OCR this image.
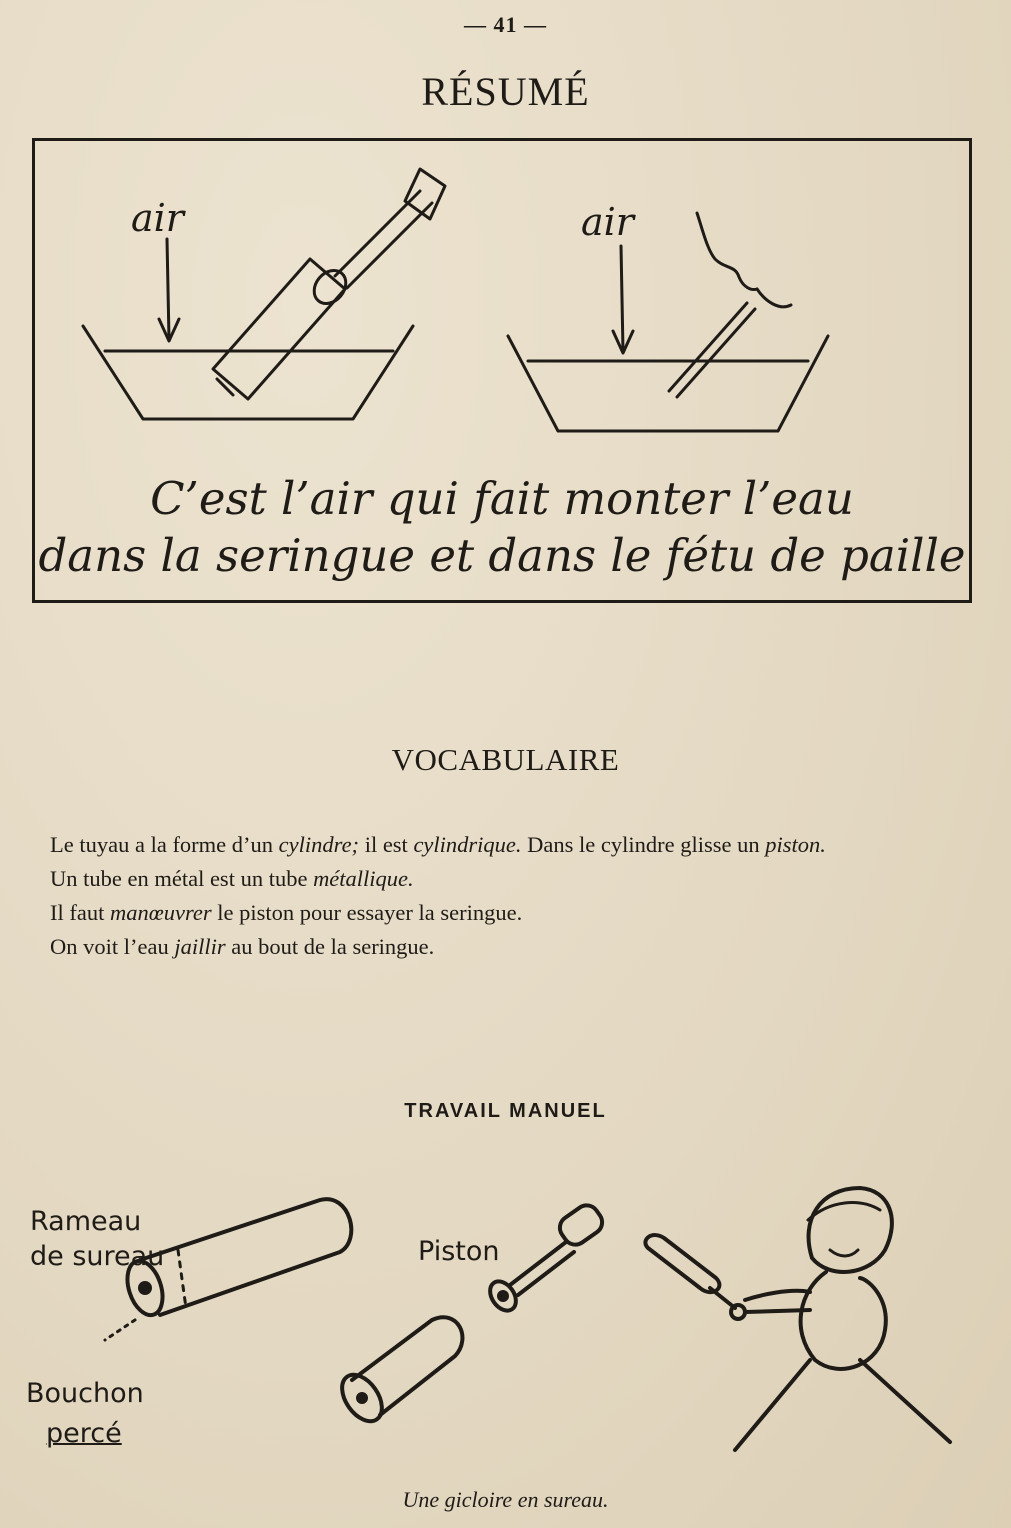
— 41 —
RÉSUMÉ
air	air
C’est l’air qui fait monter l’eau
dans la seringue et dans le fétu de paille
VOCABULAIRE

Le tuyau a la forme d’un cylindre; il est cylindrique. Dans le cylindre glisse un piston.

Un tube en métal est un tube métallique.

Il faut manœuvrer le piston pour essayer la seringue.

On voit l’eau jaillir au bout de la seringue.

TRAVAIL MANUEL
Rameau
de sureau	Piston
Bouchon
percé
Une gicloire en sureau.
